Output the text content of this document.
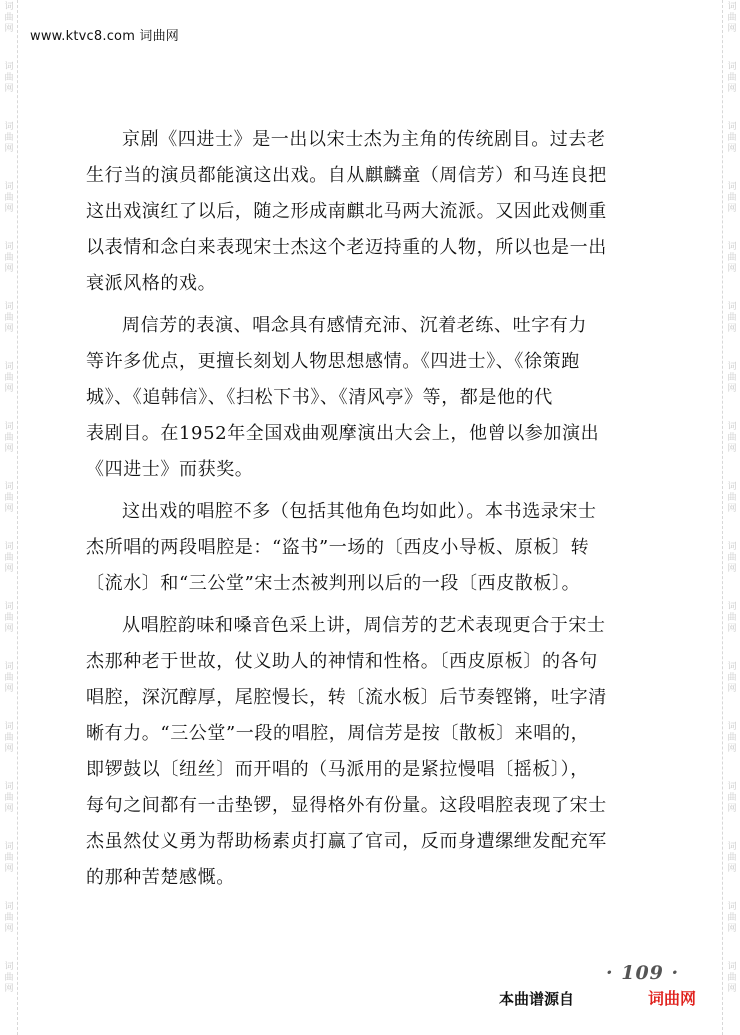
词
曲
网
词
曲
网
词
曲
网
词
曲
网
词
曲
网
词
曲
网
词
曲
网
词
曲
网
词
曲
网
词
曲
网
词
曲
网
词
曲
网
词
曲
网
词
曲
网
词
曲
网
词
曲
网
词
曲
网
词
曲
网
词
曲
网
词
曲
网
词
曲
网
词
曲
网
词
曲
网
词
曲
网
词
曲
网
词
曲
网
词
曲
网
词
曲
网
词
曲
网
词
曲
网
词
曲
网
词
曲
网
词
曲
网
词
曲
网
www.ktvc8.com 词曲网

京剧《四进士》是一出以宋士杰为主角的传统剧目。过去老
生行当的演员都能演这出戏。自从麒麟童（周信芳）和马连良把
这出戏演红了以后，随之形成南麒北马两大流派。又因此戏侧重
以表情和念白来表现宋士杰这个老迈持重的人物，所以也是一出
衰派风格的戏。

周信芳的表演、唱念具有感情充沛、沉着老练、吐字有力
等许多优点，更擅长刻划人物思想感情。《四进士》、《徐策跑
城》、《追韩信》、《扫松下书》、《清风亭》等，都是他的代
表剧目。在1952年全国戏曲观摩演出大会上，他曾以参加演出
《四进士》而获奖。

这出戏的唱腔不多（包括其他角色均如此）。本书选录宋士
杰所唱的两段唱腔是：“盗书”一场的〔西皮小导板、原板〕转
〔流水〕和“三公堂”宋士杰被判刑以后的一段〔西皮散板〕。

从唱腔韵味和嗓音色采上讲，周信芳的艺术表现更合于宋士
杰那种老于世故，仗义助人的神情和性格。〔西皮原板〕的各句
唱腔，深沉醇厚，尾腔慢长，转〔流水板〕后节奏铿锵，吐字清
晰有力。“三公堂”一段的唱腔，周信芳是按〔散板〕来唱的，
即锣鼓以〔纽丝〕而开唱的（马派用的是紧拉慢唱〔摇板〕），
每句之间都有一击垫锣，显得格外有份量。这段唱腔表现了宋士
杰虽然仗义勇为帮助杨素贞打赢了官司，反而身遭缧绁发配充军
的那种苦楚感慨。

· 109 ·
本曲谱源自	词曲网
